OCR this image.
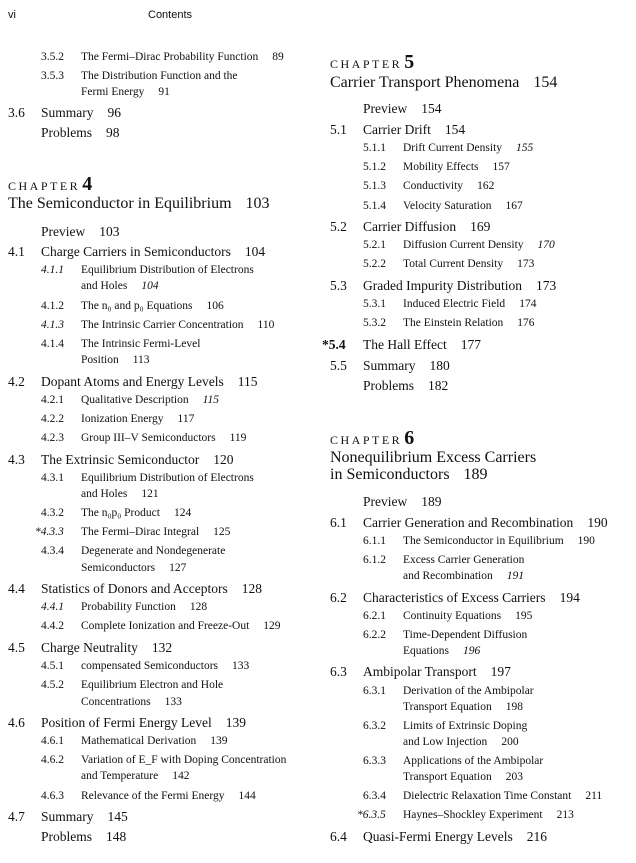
vi	Contents
3.5.2 The Fermi–Dirac Probability Function 89
3.5.3 The Distribution Function and the
Fermi Energy 91
3.6 Summary 96
Problems 98
CHAPTER 4
The Semiconductor in Equilibrium 103
Preview 103
4.1 Charge Carriers in Semiconductors 104
4.1.1 Equilibrium Distribution of Electrons
and Holes 104
4.1.2 The n₀ and p₀ Equations 106
4.1.3 The Intrinsic Carrier Concentration 110
4.1.4 The Intrinsic Fermi-Level
Position 113
4.2 Dopant Atoms and Energy Levels 115
4.2.1 Qualitative Description 115
4.2.2 Ionization Energy 117
4.2.3 Group III–V Semiconductors 119
4.3 The Extrinsic Semiconductor 120
4.3.1 Equilibrium Distribution of Electrons
and Holes 121
4.3.2 The n₀p₀ Product 124
*4.3.3 The Fermi–Dirac Integral 125
4.3.4 Degenerate and Nondegenerate
Semiconductors 127
4.4 Statistics of Donors and Acceptors 128
4.4.1 Probability Function 128
4.4.2 Complete Ionization and Freeze-Out 129
4.5 Charge Neutrality 132
4.5.1 compensated Semiconductors 133
4.5.2 Equilibrium Electron and Hole
Concentrations 133
4.6 Position of Fermi Energy Level 139
4.6.1 Mathematical Derivation 139
4.6.2 Variation of E_F with Doping Concentration
and Temperature 142
4.6.3 Relevance of the Fermi Energy 144
4.7 Summary 145
Problems 148
CHAPTER 5
Carrier Transport Phenomena 154
Preview 154
5.1 Carrier Drift 154
5.1.1 Drift Current Density 155
5.1.2 Mobility Effects 157
5.1.3 Conductivity 162
5.1.4 Velocity Saturation 167
5.2 Carrier Diffusion 169
5.2.1 Diffusion Current Density 170
5.2.2 Total Current Density 173
5.3 Graded Impurity Distribution 173
5.3.1 Induced Electric Field 174
5.3.2 The Einstein Relation 176
*5.4 The Hall Effect 177
5.5 Summary 180
Problems 182
CHAPTER 6
Nonequilibrium Excess Carriers
in Semiconductors 189
Preview 189
6.1 Carrier Generation and Recombination 190
6.1.1 The Semiconductor in Equilibrium 190
6.1.2 Excess Carrier Generation
and Recombination 191
6.2 Characteristics of Excess Carriers 194
6.2.1 Continuity Equations 195
6.2.2 Time-Dependent Diffusion
Equations 196
6.3 Ambipolar Transport 197
6.3.1 Derivation of the Ambipolar
Transport Equation 198
6.3.2 Limits of Extrinsic Doping
and Low Injection 200
6.3.3 Applications of the Ambipolar
Transport Equation 203
6.3.4 Dielectric Relaxation Time Constant 211
*6.3.5 Haynes–Shockley Experiment 213
6.4 Quasi-Fermi Energy Levels 216
